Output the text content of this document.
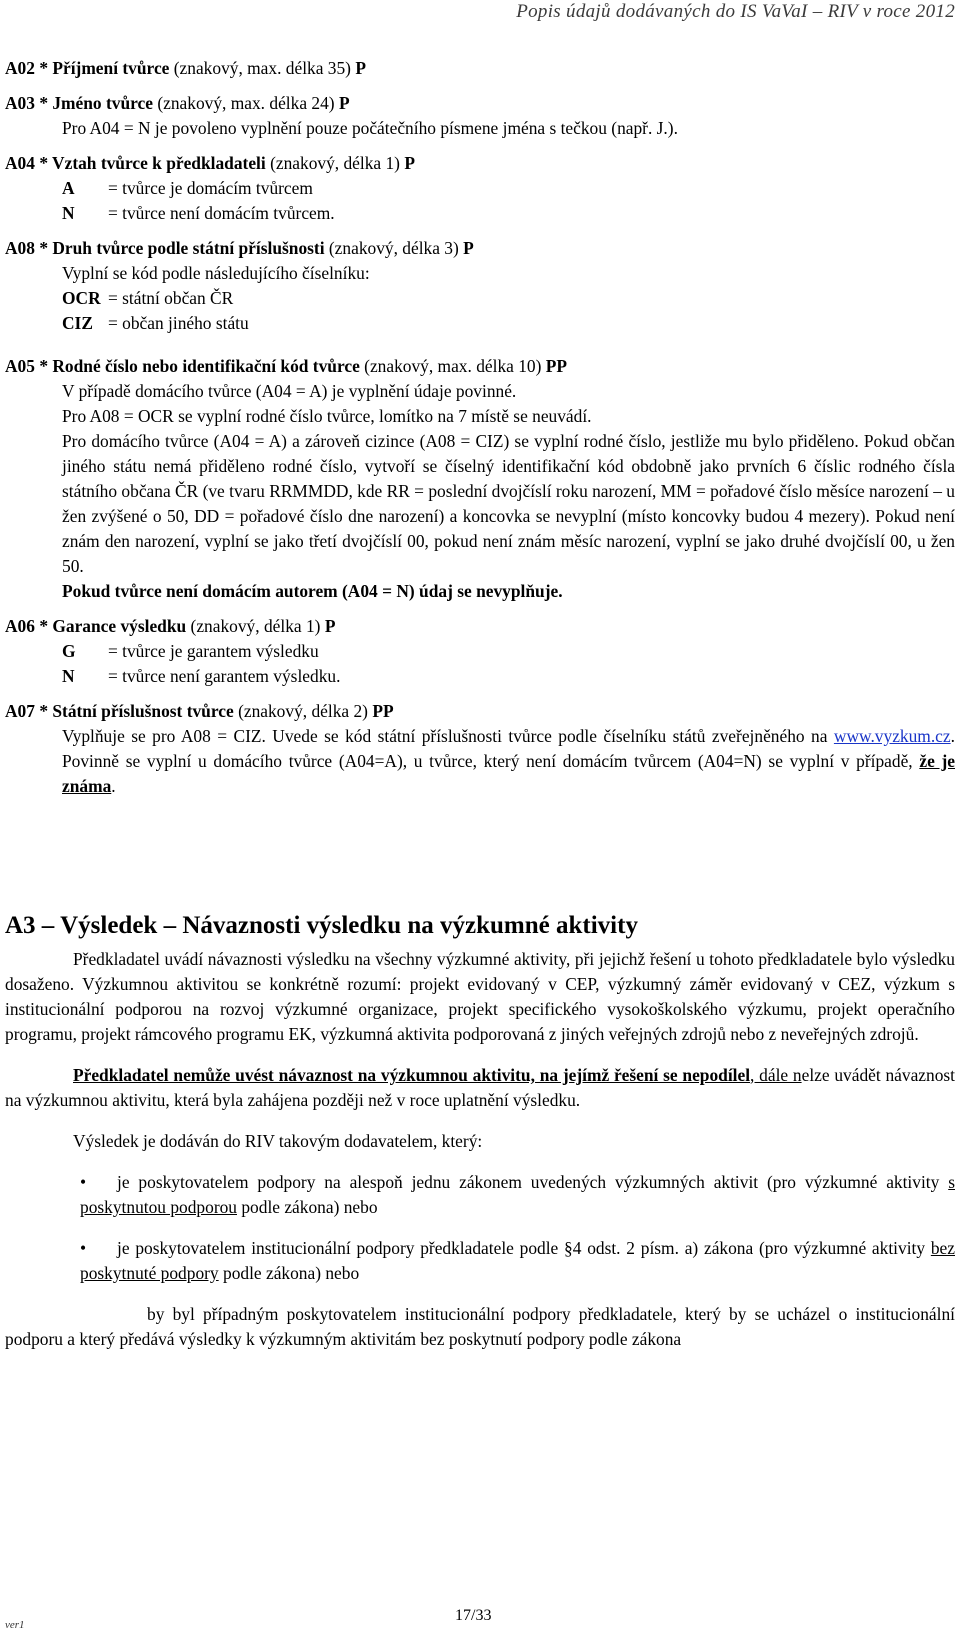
Popis údajů dodávaných do IS VaVaI – RIV v roce 2012

A02 * Příjmení tvůrce (znakový, max. délka 35) P

A03 * Jméno tvůrce (znakový, max. délka 24) P

Pro A04 = N je povoleno vyplnění pouze počátečního písmene jména s tečkou (např. J.).

A04 * Vztah tvůrce k předkladateli (znakový, délka 1) P

A	= tvůrce je domácím tvůrcem
N	= tvůrce není domácím tvůrcem.

A08 * Druh tvůrce podle státní příslušnosti (znakový, délka 3) P

Vyplní se kód podle následujícího číselníku:

OCR = státní občan ČR
CIZ = občan jiného státu

A05 * Rodné číslo nebo identifikační kód tvůrce (znakový, max. délka 10) PP

V případě domácího tvůrce (A04 = A) je vyplnění údaje povinné.

Pro A08 = OCR se vyplní rodné číslo tvůrce, lomítko na 7 místě se neuvádí.

Pro domácího tvůrce (A04 = A) a zároveň cizince (A08 = CIZ) se vyplní rodné číslo, jestliže mu bylo přiděleno. Pokud občan jiného státu nemá přiděleno rodné číslo, vytvoří se číselný identifikační kód obdobně jako prvních 6 číslic rodného čísla státního občana ČR (ve tvaru RRMMDD, kde RR = poslední dvojčíslí roku narození, MM = pořadové číslo měsíce narození – u žen zvýšené o 50, DD = pořadové číslo dne narození) a koncovka se nevyplní (místo koncovky budou 4 mezery). Pokud není znám den narození, vyplní se jako třetí dvojčíslí 00, pokud není znám měsíc narození, vyplní se jako druhé dvojčíslí 00, u žen 50.

Pokud tvůrce není domácím autorem (A04 = N) údaj se nevyplňuje.

A06 * Garance výsledku (znakový, délka 1) P

G	= tvůrce je garantem výsledku
N	= tvůrce není garantem výsledku.

A07 * Státní příslušnost tvůrce (znakový, délka 2) PP

Vyplňuje se pro A08 = CIZ. Uvede se kód státní příslušnosti tvůrce podle číselníku států zveřejněného na www.vyzkum.cz. Povinně se vyplní u domácího tvůrce (A04=A), u tvůrce, který není domácím tvůrcem (A04=N) se vyplní v případě, že je známa.

A3 – Výsledek – Návaznosti výsledku na výzkumné aktivity

Předkladatel uvádí návaznosti výsledku na všechny výzkumné aktivity, při jejichž řešení u tohoto předkladatele bylo výsledku dosaženo. Výzkumnou aktivitou se konkrétně rozumí: projekt evidovaný v CEP, výzkumný záměr evidovaný v CEZ, výzkum s institucionální podporou na rozvoj výzkumné organizace, projekt specifického vysokoškolského výzkumu, projekt operačního programu, projekt rámcového programu EK, výzkumná aktivita podporovaná z jiných veřejných zdrojů nebo z neveřejných zdrojů.

Předkladatel nemůže uvést návaznost na výzkumnou aktivitu, na jejímž řešení se nepodílel, dále nelze uvádět návaznost na výzkumnou aktivitu, která byla zahájena později než v roce uplatnění výsledku.

Výsledek je dodáván do RIV takovým dodavatelem, který:

•	je poskytovatelem podpory na alespoň jednu zákonem uvedených výzkumných aktivit (pro výzkumné aktivity s poskytnutou podporou podle zákona) nebo
•	je poskytovatelem institucionální podpory předkladatele podle §4 odst. 2 písm. a) zákona (pro výzkumné aktivity bez poskytnuté podpory podle zákona) nebo

by byl případným poskytovatelem institucionální podpory předkladatele, který by se ucházel o institucionální podporu a který předává výsledky k výzkumným aktivitám bez poskytnutí podpory podle zákona

ver1
17/33
